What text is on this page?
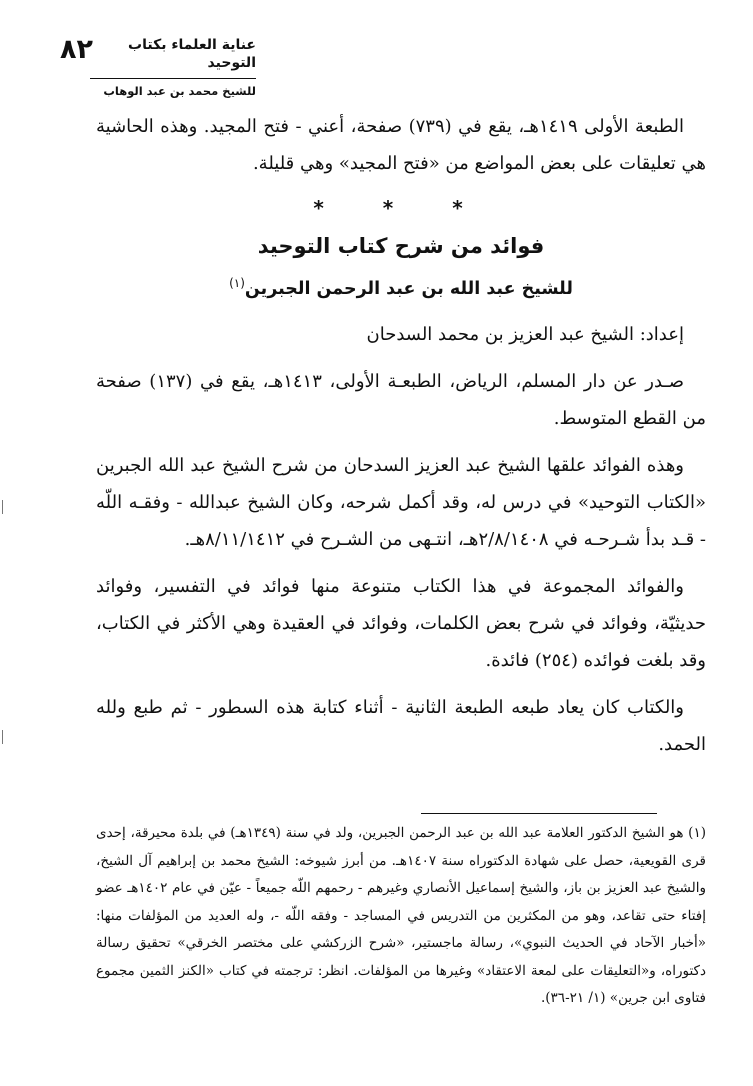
٨٢	عناية العلماء بكتاب التوحيد
للشيخ محمد بن عبد الوهاب

الطبعة الأولى ١٤١٩هـ، يقع في (٧٣٩) صفحة، أعني - فتح المجيد. وهذه الحاشية هي تعليقات على بعض المواضع من «فتح المجيد» وهي قليلة.

* * *
فوائد من شرح كتاب التوحيد
للشيخ عبد الله بن عبد الرحمن الجبرين$^{(١)}$

إعداد: الشيخ عبد العزيز بن محمد السدحان

صـدر عن دار المسلم، الرياض، الطبعـة الأولى، ١٤١٣هـ، يقع في (١٣٧) صفحة من القطع المتوسط.

وهذه الفوائد علقها الشيخ عبد العزيز السدحان من شرح الشيخ عبد الله الجبرين «الكتاب التوحيد» في درس له، وقد أكمل شرحه، وكان الشيخ عبدالله - وفقـه اللّه - قـد بدأ شـرحـه في ٢/٨/١٤٠٨هـ، انتـهى من الشـرح في ٨/١١/١٤١٢هـ.

والفوائد المجموعة في هذا الكتاب متنوعة منها فوائد في التفسير، وفوائد حديثيّة، وفوائد في شرح بعض الكلمات، وفوائد في العقيدة وهي الأكثر في الكتاب، وقد بلغت فوائده (٢٥٤) فائدة.

والكتاب كان يعاد طبعه الطبعة الثانية - أثناء كتابة هذه السطور - ثم طبع ولله الحمد.

(١) هو الشيخ الدكتور العلامة عبد الله بن عبد الرحمن الجبرين، ولد في سنة (١٣٤٩هـ) في بلدة محيرقة، إحدى قرى القويعية، حصل على شهادة الدكتوراه سنة ١٤٠٧هـ. من أبرز شيوخه: الشيخ محمد بن إبراهيم آل الشيخ، والشيخ عبد العزيز بن باز، والشيخ إسماعيل الأنصاري وغيرهم - رحمهم اللّه جميعاً - عيّن في عام ١٤٠٢هـ عضو إفتاء حتى تقاعد، وهو من المكثرين من التدريس في المساجد - وفقه اللّه -، وله العديد من المؤلفات منها: «أخبار الآحاد في الحديث النبوي»، رسالة ماجستير، «شرح الزركشي على مختصر الخرقي» تحقيق رسالة دكتوراه، و«التعليقات على لمعة الاعتقاد» وغيرها من المؤلفات. انظر: ترجمته في كتاب «الكنز الثمين مجموع فتاوى ابن جرين» (١/ ٢١-٣٦).
